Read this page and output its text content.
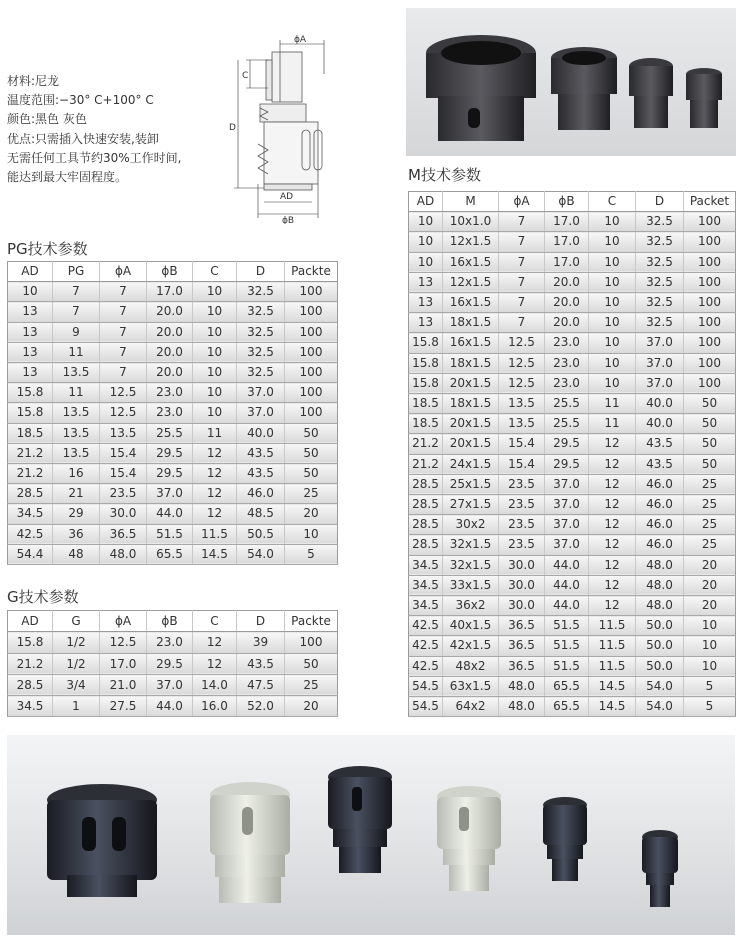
材料:尼龙
温度范围:−30° C+100° C
颜色:黑色 灰色
优点:只需插入快速安装,装卸
无需任何工具节约30%工作时间,
能达到最大牢固程度。
ϕA
C
D
AD
ϕB
PG技术参数
AD	PG	ϕA	ϕB	C	D	Packte
10	7	7	17.0	10	32.5	100
13	7	7	20.0	10	32.5	100
13	9	7	20.0	10	32.5	100
13	11	7	20.0	10	32.5	100
13	13.5	7	20.0	10	32.5	100
15.8	11	12.5	23.0	10	37.0	100
15.8	13.5	12.5	23.0	10	37.0	100
18.5	13.5	13.5	25.5	11	40.0	50
21.2	13.5	15.4	29.5	12	43.5	50
21.2	16	15.4	29.5	12	43.5	50
28.5	21	23.5	37.0	12	46.0	25
34.5	29	30.0	44.0	12	48.5	20
42.5	36	36.5	51.5	11.5	50.5	10
54.4	48	48.0	65.5	14.5	54.0	5
G技术参数
AD	G	ϕA	ϕB	C	D	Packte
15.8	1/2	12.5	23.0	12	39	100
21.2	1/2	17.0	29.5	12	43.5	50
28.5	3/4	21.0	37.0	14.0	47.5	25
34.5	1	27.5	44.0	16.0	52.0	20
M技术参数
AD	M	ϕA	ϕB	C	D	Packet
10	10x1.0	7	17.0	10	32.5	100
10	12x1.5	7	17.0	10	32.5	100
10	16x1.5	7	17.0	10	32.5	100
13	12x1.5	7	20.0	10	32.5	100
13	16x1.5	7	20.0	10	32.5	100
13	18x1.5	7	20.0	10	32.5	100
15.8	16x1.5	12.5	23.0	10	37.0	100
15.8	18x1.5	12.5	23.0	10	37.0	100
15.8	20x1.5	12.5	23.0	10	37.0	100
18.5	18x1.5	13.5	25.5	11	40.0	50
18.5	20x1.5	13.5	25.5	11	40.0	50
21.2	20x1.5	15.4	29.5	12	43.5	50
21.2	24x1.5	15.4	29.5	12	43.5	50
28.5	25x1.5	23.5	37.0	12	46.0	25
28.5	27x1.5	23.5	37.0	12	46.0	25
28.5	30x2	23.5	37.0	12	46.0	25
28.5	32x1.5	23.5	37.0	12	46.0	25
34.5	32x1.5	30.0	44.0	12	48.0	20
34.5	33x1.5	30.0	44.0	12	48.0	20
34.5	36x2	30.0	44.0	12	48.0	20
42.5	40x1.5	36.5	51.5	11.5	50.0	10
42.5	42x1.5	36.5	51.5	11.5	50.0	10
42.5	48x2	36.5	51.5	11.5	50.0	10
54.5	63x1.5	48.0	65.5	14.5	54.0	5
54.5	64x2	48.0	65.5	14.5	54.0	5
